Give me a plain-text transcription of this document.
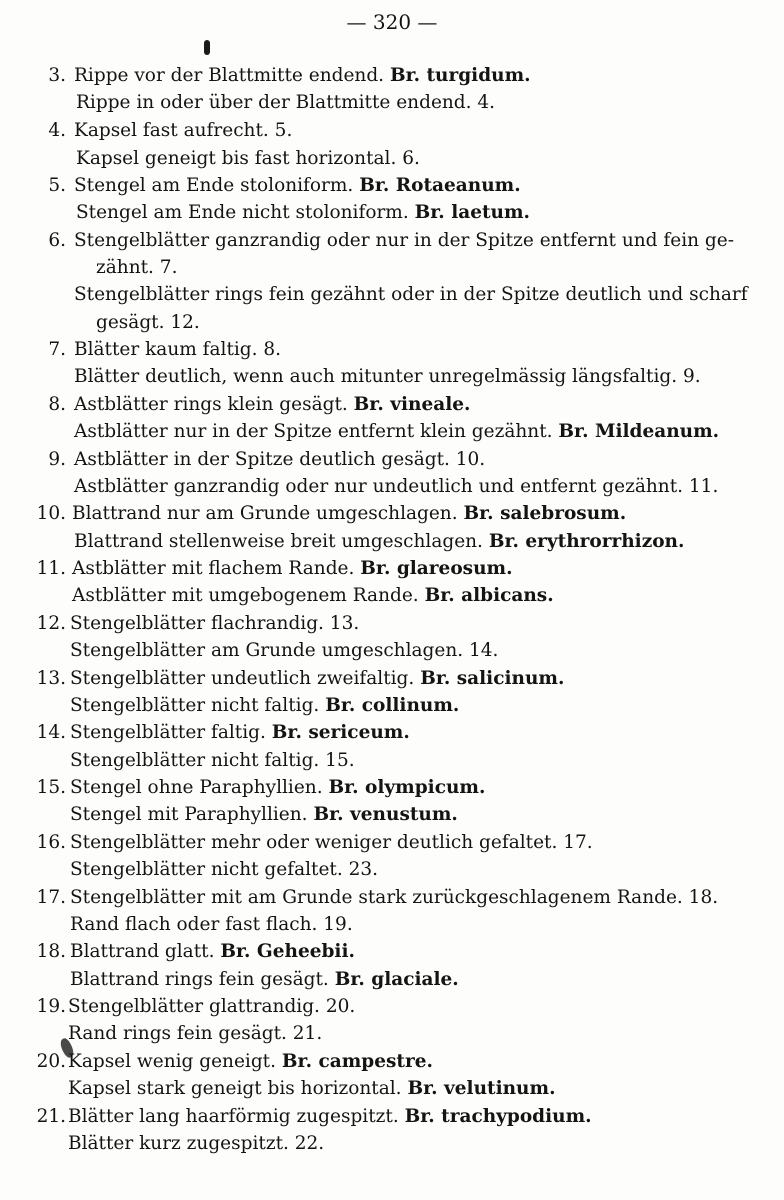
— 320 —
3. Rippe vor der Blattmitte endend. Br. turgidum.
Rippe in oder über der Blattmitte endend. 4.
4. Kapsel fast aufrecht. 5.
Kapsel geneigt bis fast horizontal. 6.
5. Stengel am Ende stoloniform. Br. Rotaeanum.
Stengel am Ende nicht stoloniform. Br. laetum.
6. Stengelblätter ganzrandig oder nur in der Spitze entfernt und fein ge-
zähnt. 7.
Stengelblätter rings fein gezähnt oder in der Spitze deutlich und scharf
gesägt. 12.
7. Blätter kaum faltig. 8.
Blätter deutlich, wenn auch mitunter unregelmässig längsfaltig. 9.
8. Astblätter rings klein gesägt. Br. vineale.
Astblätter nur in der Spitze entfernt klein gezähnt. Br. Mildeanum.
9. Astblätter in der Spitze deutlich gesägt. 10.
Astblätter ganzrandig oder nur undeutlich und entfernt gezähnt. 11.
10. Blattrand nur am Grunde umgeschlagen. Br. salebrosum.
Blattrand stellenweise breit umgeschlagen. Br. erythrorrhizon.
11. Astblätter mit flachem Rande. Br. glareosum.
Astblätter mit umgebogenem Rande. Br. albicans.
12. Stengelblätter flachrandig. 13.
Stengelblätter am Grunde umgeschlagen. 14.
13. Stengelblätter undeutlich zweifaltig. Br. salicinum.
Stengelblätter nicht faltig. Br. collinum.
14. Stengelblätter faltig. Br. sericeum.
Stengelblätter nicht faltig. 15.
15. Stengel ohne Paraphyllien. Br. olympicum.
Stengel mit Paraphyllien. Br. venustum.
16. Stengelblätter mehr oder weniger deutlich gefaltet. 17.
Stengelblätter nicht gefaltet. 23.
17. Stengelblätter mit am Grunde stark zurückgeschlagenem Rande. 18.
Rand flach oder fast flach. 19.
18. Blattrand glatt. Br. Geheebii.
Blattrand rings fein gesägt. Br. glaciale.
19. Stengelblätter glattrandig. 20.
Rand rings fein gesägt. 21.
20. Kapsel wenig geneigt. Br. campestre.
Kapsel stark geneigt bis horizontal. Br. velutinum.
21. Blätter lang haarförmig zugespitzt. Br. trachypodium.
Blätter kurz zugespitzt. 22.
